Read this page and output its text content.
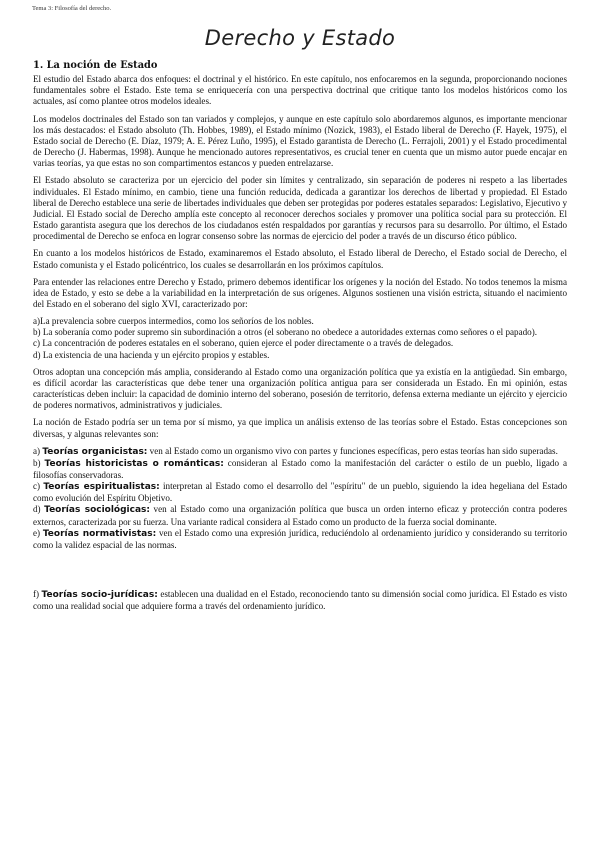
Tema 3: Filosofía del derecho.
Derecho y Estado
1. La noción de Estado

El estudio del Estado abarca dos enfoques: el doctrinal y el histórico. En este capítulo, nos enfocaremos en la segunda, proporcionando nociones fundamentales sobre el Estado. Este tema se enriquecería con una perspectiva doctrinal que critique tanto los modelos históricos como los actuales, así como plantee otros modelos ideales.

Los modelos doctrinales del Estado son tan variados y complejos, y aunque en este capítulo solo abordaremos algunos, es importante mencionar los más destacados: el Estado absoluto (Th. Hobbes, 1989), el Estado mínimo (Nozick, 1983), el Estado liberal de Derecho (F. Hayek, 1975), el Estado social de Derecho (E. Díaz, 1979; A. E. Pérez Luño, 1995), el Estado garantista de Derecho (L. Ferrajoli, 2001) y el Estado procedimental de Derecho (J. Habermas, 1998). Aunque he mencionado autores representativos, es crucial tener en cuenta que un mismo autor puede encajar en varias teorías, ya que estas no son compartimentos estancos y pueden entrelazarse.

El Estado absoluto se caracteriza por un ejercicio del poder sin límites y centralizado, sin separación de poderes ni respeto a las libertades individuales. El Estado mínimo, en cambio, tiene una función reducida, dedicada a garantizar los derechos de libertad y propiedad. El Estado liberal de Derecho establece una serie de libertades individuales que deben ser protegidas por poderes estatales separados: Legislativo, Ejecutivo y Judicial. El Estado social de Derecho amplía este concepto al reconocer derechos sociales y promover una política social para su protección. El Estado garantista asegura que los derechos de los ciudadanos estén respaldados por garantías y recursos para su desarrollo. Por último, el Estado procedimental de Derecho se enfoca en lograr consenso sobre las normas de ejercicio del poder a través de un discurso ético público.

En cuanto a los modelos históricos de Estado, examinaremos el Estado absoluto, el Estado liberal de Derecho, el Estado social de Derecho, el Estado comunista y el Estado policéntrico, los cuales se desarrollarán en los próximos capítulos.

Para entender las relaciones entre Derecho y Estado, primero debemos identificar los orígenes y la noción del Estado. No todos tenemos la misma idea de Estado, y esto se debe a la variabilidad en la interpretación de sus orígenes. Algunos sostienen una visión estricta, situando el nacimiento del Estado en el soberano del siglo XVI, caracterizado por:

a)La prevalencia sobre cuerpos intermedios, como los señoríos de los nobles.
b) La soberanía como poder supremo sin subordinación a otros (el soberano no obedece a autoridades externas como señores o el papado).
c) La concentración de poderes estatales en el soberano, quien ejerce el poder directamente o a través de delegados.
d) La existencia de una hacienda y un ejército propios y estables.

Otros adoptan una concepción más amplia, considerando al Estado como una organización política que ya existía en la antigüedad. Sin embargo, es difícil acordar las características que debe tener una organización política antigua para ser considerada un Estado. En mi opinión, estas características deben incluir: la capacidad de dominio interno del soberano, posesión de territorio, defensa externa mediante un ejército y ejercicio de poderes normativos, administrativos y judiciales.

La noción de Estado podría ser un tema por sí mismo, ya que implica un análisis extenso de las teorías sobre el Estado. Estas concepciones son diversas, y algunas relevantes son:

a) Teorías organicistas: ven al Estado como un organismo vivo con partes y funciones específicas, pero estas teorías han sido superadas.
b) Teorías historicistas o románticas: consideran al Estado como la manifestación del carácter o estilo de un pueblo, ligado a filosofías conservadoras.
c) Teorías espiritualistas: interpretan al Estado como el desarrollo del "espíritu" de un pueblo, siguiendo la idea hegeliana del Estado como evolución del Espíritu Objetivo.
d) Teorías sociológicas: ven al Estado como una organización política que busca un orden interno eficaz y protección contra poderes externos, caracterizada por su fuerza. Una variante radical considera al Estado como un producto de la fuerza social dominante.
e) Teorías normativistas: ven el Estado como una expresión jurídica, reduciéndolo al ordenamiento jurídico y considerando su territorio como la validez espacial de las normas.
f) Teorías socio-jurídicas: establecen una dualidad en el Estado, reconociendo tanto su dimensión social como jurídica. El Estado es visto como una realidad social que adquiere forma a través del ordenamiento jurídico.
